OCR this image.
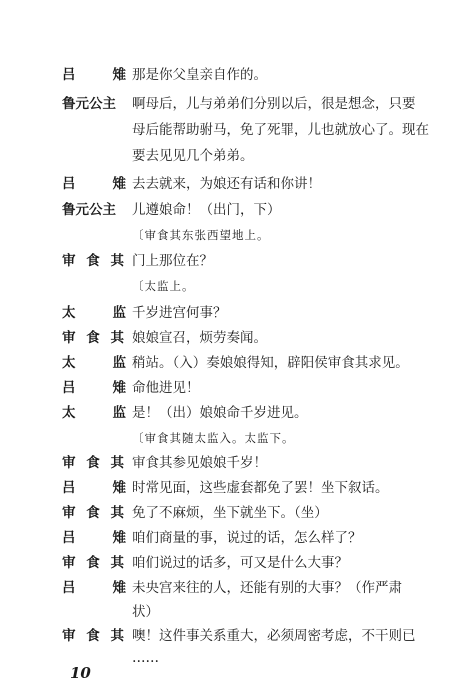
吕	雉 那是你父皇亲自作的。
鲁元公主	啊母后，儿与弟弟们分别以后，很是想念，只要
母后能帮助驸马，免了死罪，儿也就放心了。现在
要去见见几个弟弟。
吕	雉 去去就来，为娘还有话和你讲！
鲁元公主	儿遵娘命！（出门，下）
〔审食其东张西望地上。
审 食 其 门上那位在？
〔太监上。
太	监 千岁进宫何事？
审 食 其 娘娘宣召，烦劳奏闻。
太	监 稍站。（入）奏娘娘得知，辟阳侯审食其求见。
吕	雉 命他进见！
太	监 是！（出）娘娘命千岁进见。
〔审食其随太监入。太监下。
审 食 其 审食其参见娘娘千岁！
吕	雉 时常见面，这些虚套都免了罢！坐下叙话。
审 食 其 免了不麻烦，坐下就坐下。（坐）
吕	雉 咱们商量的事，说过的话，怎么样了？
审 食 其 咱们说过的话多，可又是什么大事？
吕	雉 未央宫来往的人，还能有别的大事？（作严肃
状）
审 食 其 噢！这件事关系重大，必须周密考虑，不干则已
……
10
